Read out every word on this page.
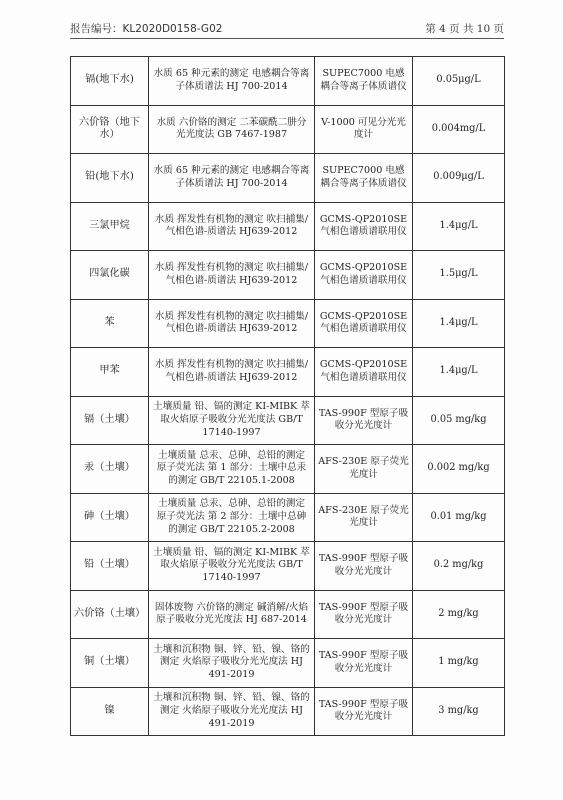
报告编号：KL2020D0158-G02	第 4 页 共 10 页
镉(地下水)	水质 65 种元素的测定 电感耦合等离子体质谱法 HJ 700-2014	SUPEC7000 电感耦合等离子体质谱仪	0.05μg/L
六价铬（地下水）	水质 六价铬的测定 二苯碳酰二肼分光光度法 GB 7467-1987	V-1000 可见分光光度计	0.004mg/L
铅(地下水)	水质 65 种元素的测定 电感耦合等离子体质谱法 HJ 700-2014	SUPEC7000 电感耦合等离子体质谱仪	0.009μg/L
三氯甲烷	水质 挥发性有机物的测定 吹扫捕集/气相色谱-质谱法 HJ639-2012	GCMS-QP2010SE 气相色谱质谱联用仪	1.4μg/L
四氯化碳	水质 挥发性有机物的测定 吹扫捕集/气相色谱-质谱法 HJ639-2012	GCMS-QP2010SE 气相色谱质谱联用仪	1.5μg/L
苯	水质 挥发性有机物的测定 吹扫捕集/气相色谱-质谱法 HJ639-2012	GCMS-QP2010SE 气相色谱质谱联用仪	1.4μg/L
甲苯	水质 挥发性有机物的测定 吹扫捕集/气相色谱-质谱法 HJ639-2012	GCMS-QP2010SE 气相色谱质谱联用仪	1.4μg/L
镉（土壤）	土壤质量 铅、镉的测定 KI-MIBK 萃取火焰原子吸收分光光度法 GB/T 17140-1997	TAS-990F 型原子吸收分光光度计	0.05 mg/kg
汞（土壤）	土壤质量 总汞、总砷、总铅的测定 原子荧光法 第 1 部分：土壤中总汞的测定 GB/T 22105.1-2008	AFS-230E 原子荧光光度计	0.002 mg/kg
砷（土壤）	土壤质量 总汞、总砷、总铅的测定 原子荧光法 第 2 部分：土壤中总砷的测定 GB/T 22105.2-2008	AFS-230E 原子荧光光度计	0.01 mg/kg
铅（土壤）	土壤质量 铅、镉的测定 KI-MIBK 萃取火焰原子吸收分光光度法 GB/T 17140-1997	TAS-990F 型原子吸收分光光度计	0.2 mg/kg
六价铬（土壤）	固体废物 六价铬的测定 碱消解/火焰原子吸收分光光度法 HJ 687-2014	TAS-990F 型原子吸收分光光度计	2 mg/kg
铜（土壤）	土壤和沉积物 铜、锌、铅、镍、铬的测定 火焰原子吸收分光光度法 HJ 491-2019	TAS-990F 型原子吸收分光光度计	1 mg/kg
镍	土壤和沉积物 铜、锌、铅、镍、铬的测定 火焰原子吸收分光光度法 HJ 491-2019	TAS-990F 型原子吸收分光光度计	3 mg/kg
